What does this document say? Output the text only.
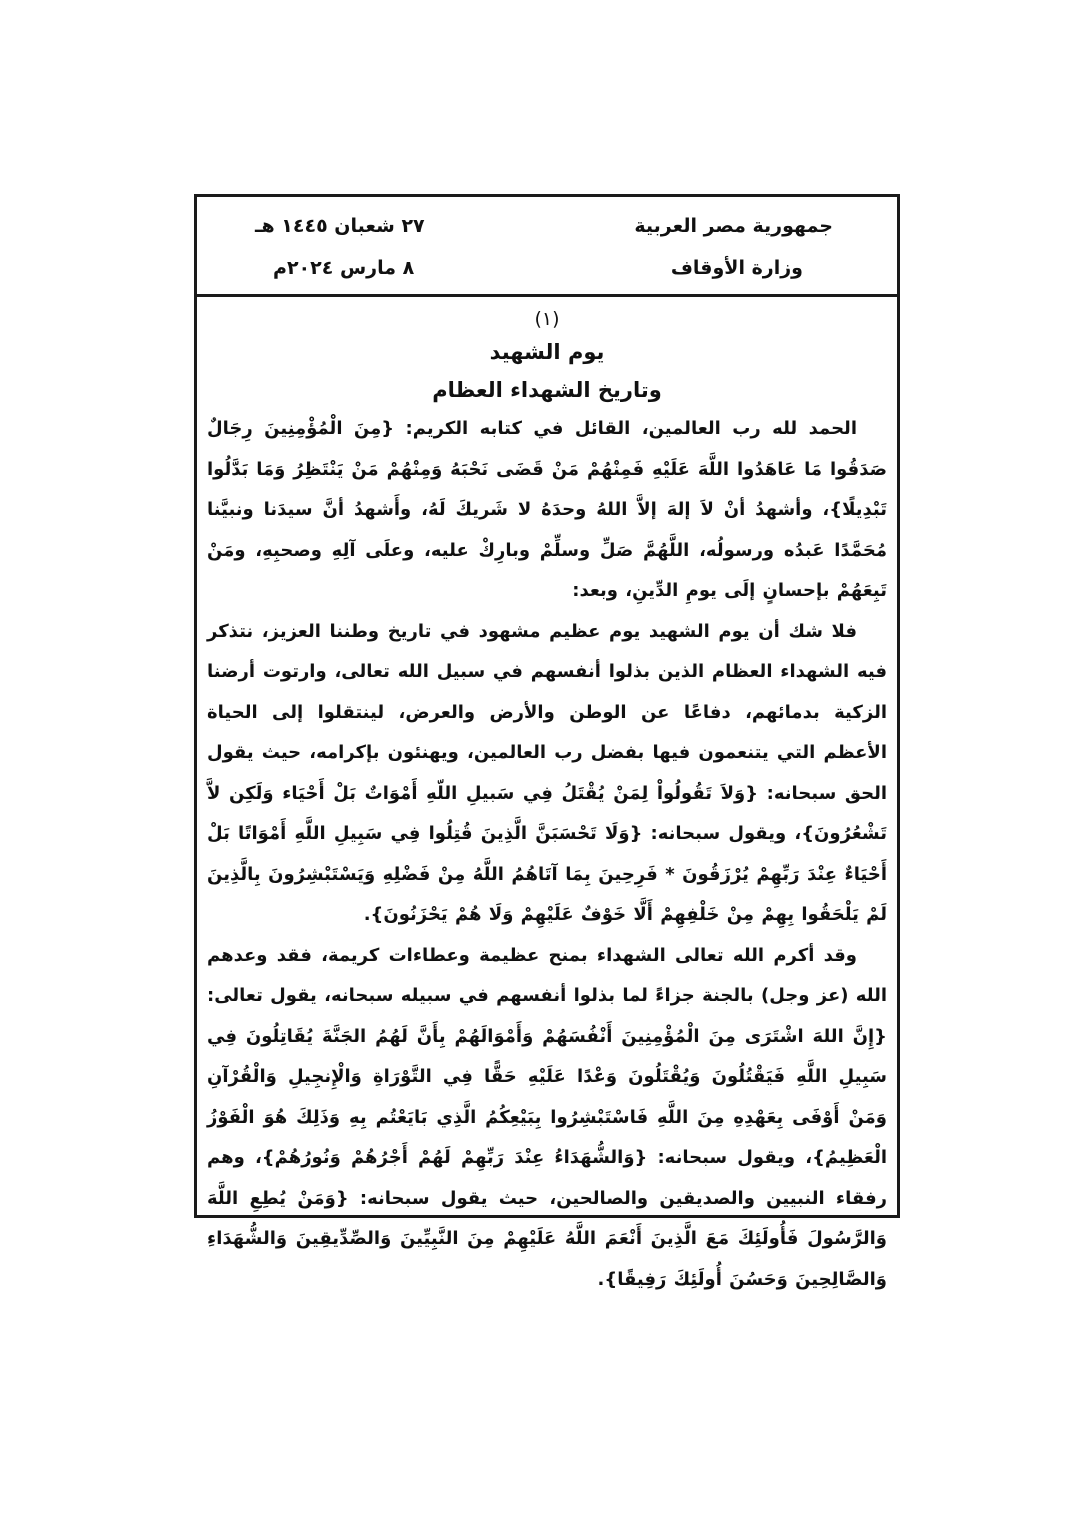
جمهورية مصر العربية
وزارة الأوقاف
٢٧ شعبان ١٤٤٥ هـ
٨ مارس ٢٠٢٤م
(١)
يوم الشهيد
وتاريخ الشهداء العظام

الحمد لله رب العالمين، القائل في كتابه الكريم: {مِنَ الْمُؤْمِنِينَ رِجَالٌ صَدَقُوا مَا عَاهَدُوا اللَّهَ عَلَيْهِ فَمِنْهُمْ مَنْ قَضَى نَحْبَهُ وَمِنْهُمْ مَنْ يَنْتَظِرُ وَمَا بَدَّلُوا تَبْدِيلًا}، وأشهدُ أنْ لاَ إلهَ إلاَّ اللهُ وحدَهُ لا شَريكَ لَهُ، وأَشهدُ أنَّ سيدَنا ونبيَّنا مُحَمَّدًا عَبدُه ورسولُه، اللَّهُمَّ صَلِّ وسلِّمْ وبارِكْ عليه، وعلَى آلِهِ وصحبِهِ، ومَنْ تَبِعَهُمْ بإحسانٍ إلَى يومِ الدِّينِ، وبعد:

فلا شك أن يوم الشهيد يوم عظيم مشهود في تاريخ وطننا العزيز، نتذكر فيه الشهداء العظام الذين بذلوا أنفسهم في سبيل الله تعالى، وارتوت أرضنا الزكية بدمائهم، دفاعًا عن الوطن والأرض والعرض، لينتقلوا إلى الحياة الأعظم التي يتنعمون فيها بفضل رب العالمين، ويهنئون بإكرامه، حيث يقول الحق سبحانه: {وَلاَ تَقُولُواْ لِمَنْ يُقْتَلُ فِي سَبيلِ اللّهِ أَمْوَاتٌ بَلْ أَحْيَاء وَلَكِن لاَّ تَشْعُرُونَ}، ويقول سبحانه: {وَلَا تَحْسَبَنَّ الَّذِينَ قُتِلُوا فِي سَبِيلِ اللَّهِ أَمْوَاتًا بَلْ أَحْيَاءٌ عِنْدَ رَبِّهِمْ يُرْزَقُونَ * فَرِحِينَ بِمَا آتَاهُمُ اللَّهُ مِنْ فَضْلِهِ وَيَسْتَبْشِرُونَ بِالَّذِينَ لَمْ يَلْحَقُوا بِهِمْ مِنْ خَلْفِهِمْ أَلَّا خَوْفٌ عَلَيْهِمْ وَلَا هُمْ يَحْزَنُونَ}.

وقد أكرم الله تعالى الشهداء بمنح عظيمة وعطاءات كريمة، فقد وعدهم الله (عز وجل) بالجنة جزاءً لما بذلوا أنفسهم في سبيله سبحانه، يقول تعالى: {إِنَّ اللهَ اشْتَرَى مِنَ الْمُؤْمِنِينَ أَنْفُسَهُمْ وَأَمْوَالَهُمْ بِأَنَّ لَهُمُ الجَنَّةَ يُقَاتِلُونَ فِي سَبِيلِ اللَّهِ فَيَقْتُلُونَ وَيُقْتَلُونَ وَعْدًا عَلَيْهِ حَقًّا فِي التَّوْرَاةِ وَالْإِنجِيلِ وَالْقُرْآنِ وَمَنْ أَوْفَى بِعَهْدِهِ مِنَ اللَّهِ فَاسْتَبْشِرُوا بِبَيْعِكُمُ الَّذِي بَايَعْتُم بِهِ وَذَلِكَ هُوَ الْفَوْزُ الْعَظِيمُ}، ويقول سبحانه: {وَالشُّهَدَاءُ عِنْدَ رَبِّهِمْ لَهُمْ أَجْرُهُمْ وَنُورُهُمْ}، وهم رفقاء النبيين والصديقين والصالحين، حيث يقول سبحانه: {وَمَنْ يُطِعِ اللَّهَ وَالرَّسُولَ فَأُولَئِكَ مَعَ الَّذِينَ أَنْعَمَ اللَّهُ عَلَيْهِمْ مِنَ النَّبِيِّينَ وَالصِّدِّيقِينَ وَالشُّهَدَاءِ وَالصَّالِحِينَ وَحَسُنَ أُولَئِكَ رَفِيقًا}.
